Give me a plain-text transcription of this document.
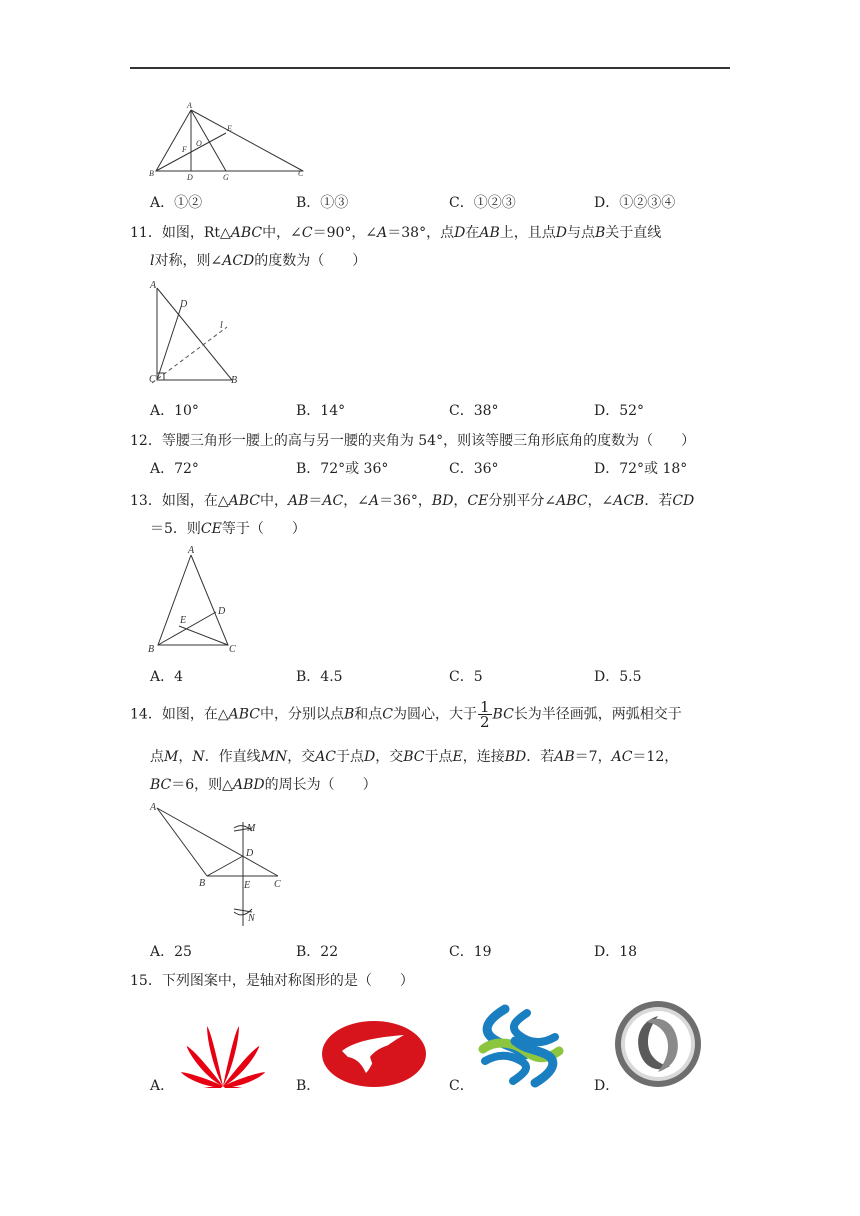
A
E
O
F
B	D	G	C
A．①②	B．①③	C．①②③	D．①②③④
11．如图，Rt△ABC中，∠C＝90°，∠A＝38°，点D在AB上，且点D与点B关于直线
l对称，则∠ACD的度数为（　　）
A
D
l
C	B
A．10°	B．14°	C．38°	D．52°
12．等腰三角形一腰上的高与另一腰的夹角为 54°，则该等腰三角形底角的度数为（　　）
A．72°	B．72°或 36°	C．36°	D．72°或 18°
13．如图，在△ABC中，AB＝AC，∠A＝36°，BD，CE分别平分∠ABC，∠ACB．若CD
＝5．则CE等于（　　）
A
D
E
B	C
A．4	B．4.5	C．5	D．5.5
14．如图，在△ABC中，分别以点B和点C为圆心，大于 $\frac{1}{2}$ BC长为半径画弧，两弧相交于
点M，N．作直线MN，交AC于点D，交BC于点E，连接BD．若AB＝7，AC＝12，
BC＝6，则△ABD的周长为（　　）
A
M
D
B	E C
N
A．25	B．22	C．19	D．18
15．下列图案中，是轴对称图形的是（　　）
A．	B．	C．	D．
